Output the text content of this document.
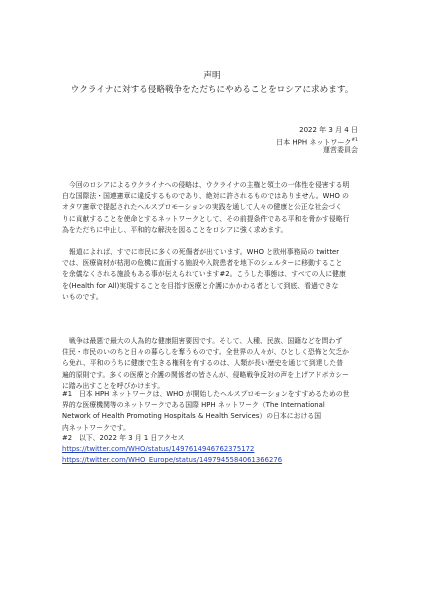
声明
ウクライナに対する侵略戦争をただちにやめることをロシアに求めます。
2022 年 3 月 4 日
日本 HPH ネットワーク$^{\#1}$
運営委員会
今回のロシアによるウクライナへの侵略は、ウクライナの主権と領土の一体性を侵害する明
白な国際法・国連憲章に違反するものであり、絶対に許されるものではありません。WHO の
オタワ憲章で提起されたヘルスプロモーションの実践を通して人々の健康と公正な社会づく
りに貢献することを使命とするネットワークとして、その前提条件である平和を脅かす侵略行
為をただちに中止し、平和的な解決を図ることをロシアに強く求めます。
報道によれば、すでに市民に多くの死傷者が出ています。WHO と欧州事務局の twitter
では、医療資材が枯渇の危機に直面する施設や入院患者を地下のシェルターに移動すること
を余儀なくされる施設もある事が伝えられています#2。こうした事態は、すべての人に健康
を(Health for All)実現することを目指す医療と介護にかかわる者として到底、看過できな
いものです。
戦争は最悪で最大の人為的な健康阻害要因です。そして、人種、民族、国籍などを問わず
住民・市民のいのちと日々の暮らしを奪うものです。全世界の人々が、ひとしく恐怖と欠乏か
ら免れ、平和のうちに健康で生きる権利を有するのは、人類が長い歴史を通じて到達した普
遍的原則です。多くの医療と介護の関係者の皆さんが、侵略戦争反対の声を上げアドボカシー
に踏み出すことを呼びかけます。
#1　日本 HPH ネットワークは、WHO が開始したヘルスプロモーションをすすめるための世
界的な医療機関等のネットワークである国際 HPH ネットワーク（The International
Network of Health Promoting Hospitals & Health Services）の日本における国
内ネットワークです。
#2　以下、2022 年 3 月 1 日アクセス
https://twitter.com/WHO/status/1497614946762375172
https://twitter.com/WHO_Europe/status/1497945584061366276
